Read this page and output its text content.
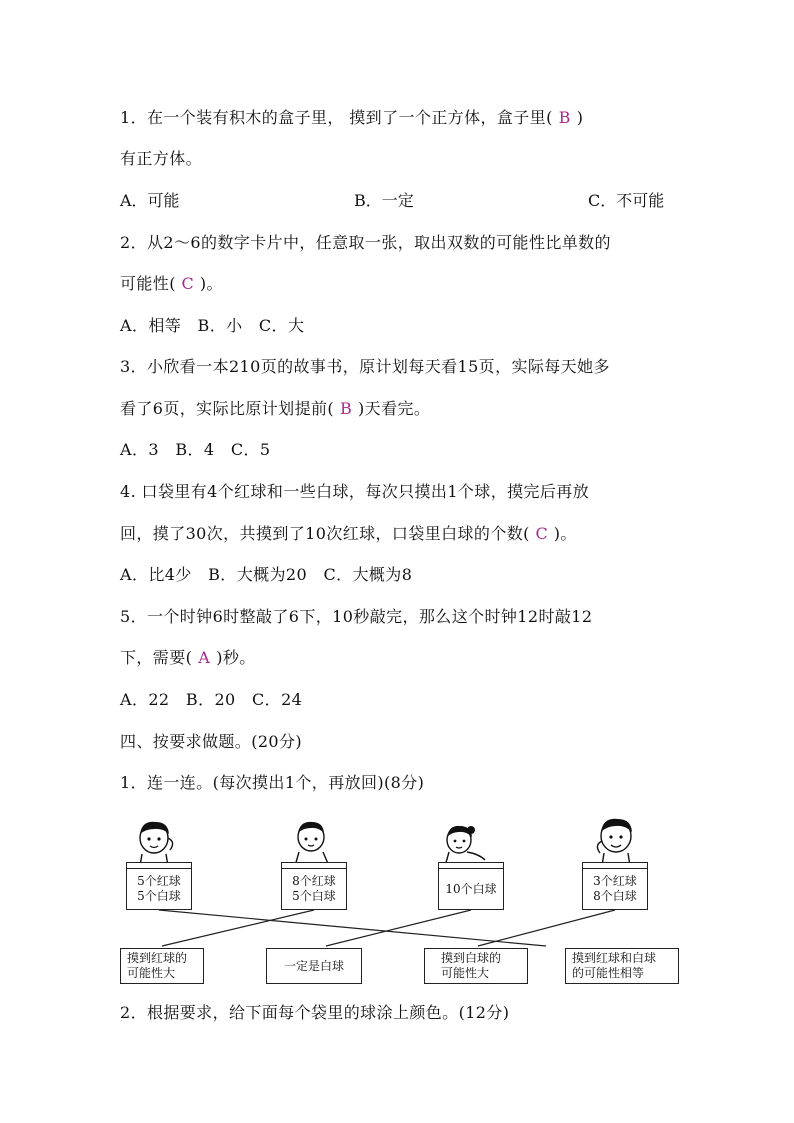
1．在一个装有积木的盒子里， 摸到了一个正方体，盒子里( B )
有正方体。
A．可能	B．一定	C．不可能
2．从2～6的数字卡片中，任意取一张，取出双数的可能性比单数的
可能性( C )。
A．相等　B．小　C．大
3．小欣看一本210页的故事书，原计划每天看15页，实际每天她多
看了6页，实际比原计划提前( B )天看完。
A．3　B．4　C．5
4. 口袋里有4个红球和一些白球，每次只摸出1个球，摸完后再放
回，摸了30次，共摸到了10次红球，口袋里白球的个数( C )。
A．比4少　B．大概为20　C．大概为8
5．一个时钟6时整敲了6下，10秒敲完，那么这个时钟12时敲12
下，需要( A )秒。
A．22　B．20　C．24
四、按要求做题。(20分)
1．连一连。(每次摸出1个，再放回)(8分)
5个红球
5个白球
8个红球
5个白球
10个白球
3个红球
8个白球
摸到红球的
可能性大
一定是白球
摸到白球的
可能性大
摸到红球和白球
的可能性相等
2．根据要求，给下面每个袋里的球涂上颜色。(12分)
